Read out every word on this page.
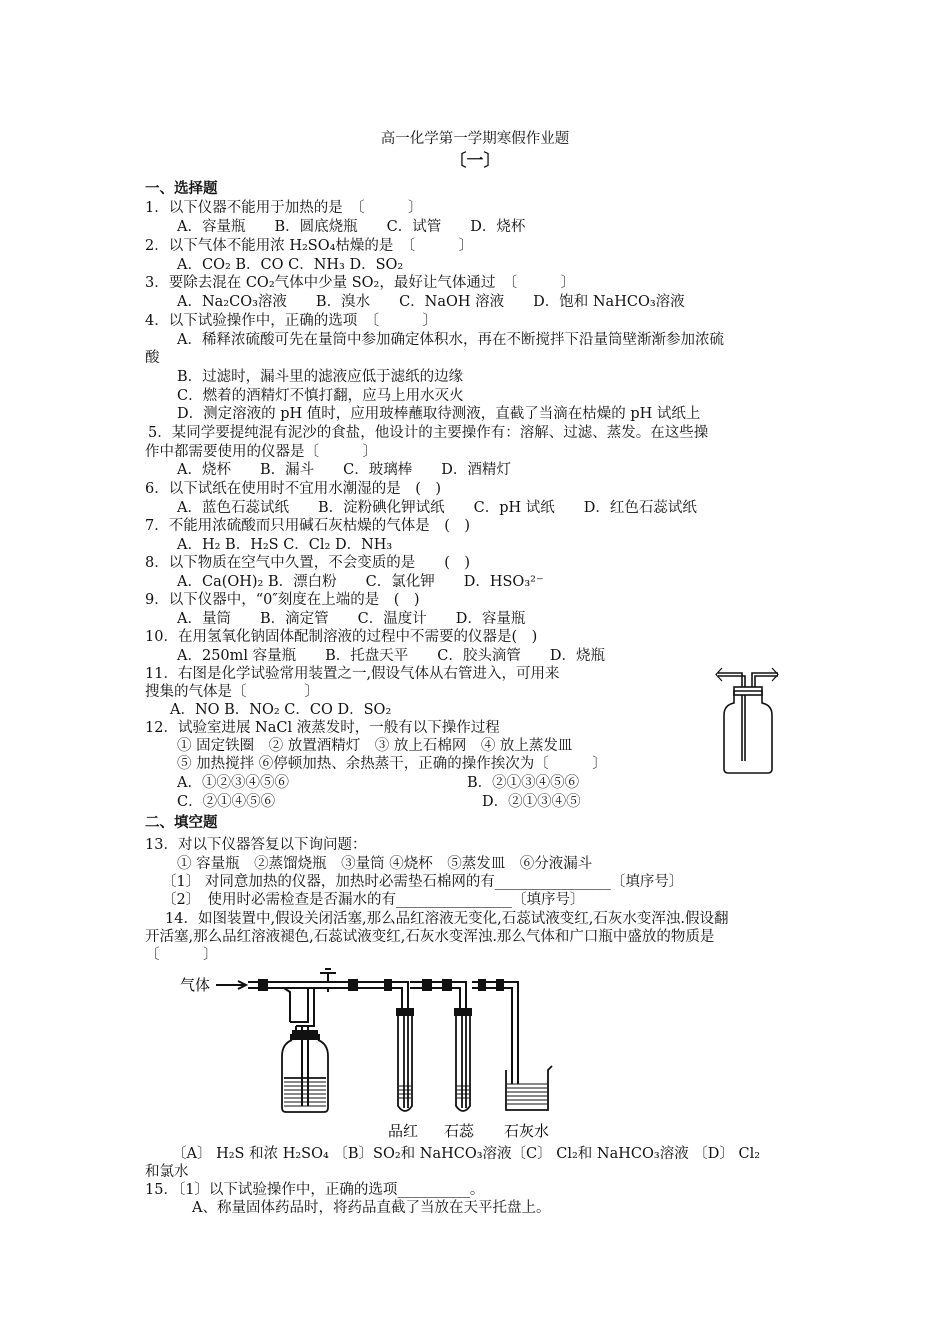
高一化学第一学期寒假作业题
〔一〕
一、选择题
1．以下仪器不能用于加热的是　〔　　　〕
A．容量瓶　　B．圆底烧瓶　　C．试管　　D．烧杯
2．以下气体不能用浓 H₂SO₄枯燥的是　〔　　　〕
A．CO₂ B．CO C．NH₃ D．SO₂
3．要除去混在 CO₂气体中少量 SO₂，最好让气体通过　〔　　　〕
A．Na₂CO₃溶液　　B．溴水　　C．NaOH 溶液　　D．饱和 NaHCO₃溶液
4．以下试验操作中，正确的选项　〔　　　〕
A．稀释浓硫酸可先在量筒中参加确定体积水，再在不断搅拌下沿量筒壁渐渐参加浓硫
酸
B．过滤时，漏斗里的滤液应低于滤纸的边缘
C．燃着的酒精灯不慎打翻，应马上用水灭火
D．测定溶液的 pH 值时，应用玻棒蘸取待测液，直截了当滴在枯燥的 pH 试纸上
5．某同学要提纯混有泥沙的食盐，他设计的主要操作有：溶解、过滤、蒸发。在这些操
作中都需要使用的仪器是〔　　　〕
A．烧杯　　B．漏斗　　C．玻璃棒　　D．酒精灯
6．以下试纸在使用时不宜用水潮湿的是　(　)
A．蓝色石蕊试纸　　B．淀粉碘化钾试纸　　C．pH 试纸　　D．红色石蕊试纸
7．不能用浓硫酸而只用碱石灰枯燥的气体是　(　)
A．H₂ B．H₂S C．Cl₂ D．NH₃
8．以下物质在空气中久置，不会变质的是　　(　)
A．Ca(OH)₂ B．漂白粉　　C．氯化钾　　D．HSO₃²⁻
9．以下仪器中，“0″刻度在上端的是　(　)
A．量筒　　B．滴定管　　C．温度计　　D．容量瓶
10．在用氢氧化钠固体配制溶液的过程中不需要的仪器是(　)
A．250ml 容量瓶　　B．托盘天平　　C．胶头滴管　　D．烧瓶
11．右图是化学试验常用装置之一,假设气体从右管进入，可用来
搜集的气体是〔　　　　〕
A．NO B．NO₂ C．CO D．SO₂
12．试验室进展 NaCl 液蒸发时，一般有以下操作过程
① 固定铁圈　② 放置酒精灯　③ 放上石棉网　④ 放上蒸发皿
⑤ 加热搅拌 ⑥停顿加热、余热蒸干，正确的操作挨次为〔　　　〕
A．①②③④⑤⑥	B．②①③④⑤⑥
C．②①④⑤⑥	D．②①③④⑤
二、填空题
13．对以下仪器答复以下询问题：
① 容量瓶　②蒸馏烧瓶　③量筒 ④烧杯　⑤蒸发皿　⑥分液漏斗
〔1〕 对同意加热的仪器，加热时必需垫石棉网的有________________〔填序号〕
〔2〕　使用时必需检查是否漏水的有________________〔填序号〕
14．如图装置中,假设关闭活塞,那么品红溶液无变化,石蕊试液变红,石灰水变浑浊.假设翻
开活塞,那么品红溶液褪色,石蕊试液变红,石灰水变浑浊.那么气体和广口瓶中盛放的物质是
〔　　　〕
〔A〕 H₂S 和浓 H₂SO₄ 〔B〕SO₂和 NaHCO₃溶液〔C〕 Cl₂和 NaHCO₃溶液 〔D〕 Cl₂
和氯水
15．〔1〕以下试验操作中，正确的选项__________。
A、称量固体药品时，将药品直截了当放在天平托盘上。
气体
品红 石蕊 石灰水
